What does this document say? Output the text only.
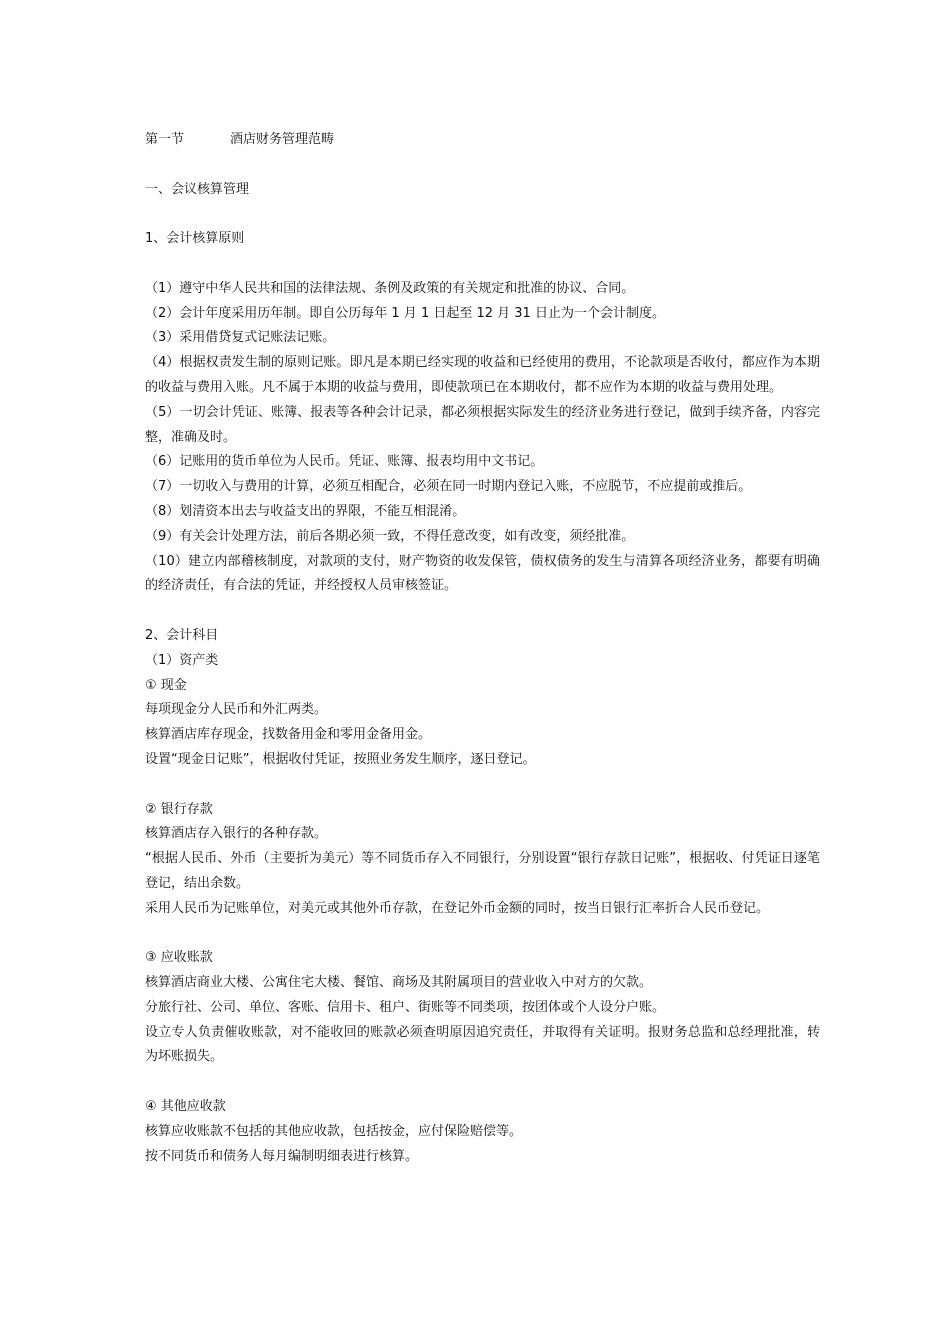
第一节	酒店财务管理范畴
一、会议核算管理
1、会计核算原则
（1）遵守中华人民共和国的法律法规、条例及政策的有关规定和批准的协议、合同。
（2）会计年度采用历年制。即自公历每年 1 月 1 日起至 12 月 31 日止为一个会计制度。
（3）采用借贷复式记账法记账。
（4）根据权责发生制的原则记账。即凡是本期已经实现的收益和已经使用的费用，不论款项是否收付，都应作为本期的收益与费用入账。凡不属于本期的收益与费用，即使款项已在本期收付，都不应作为本期的收益与费用处理。
（5）一切会计凭证、账簿、报表等各种会计记录，都必须根据实际发生的经济业务进行登记，做到手续齐备，内容完整，准确及时。
（6）记账用的货币单位为人民币。凭证、账簿、报表均用中文书记。
（7）一切收入与费用的计算，必须互相配合，必须在同一时期内登记入账，不应脱节，不应提前或推后。
（8）划清资本出去与收益支出的界限，不能互相混淆。
（9）有关会计处理方法，前后各期必须一致，不得任意改变，如有改变，须经批准。
（10）建立内部稽核制度，对款项的支付，财产物资的收发保管，债权债务的发生与清算各项经济业务，都要有明确的经济责任，有合法的凭证，并经授权人员审核签证。
2、会计科目
（1）资产类
① 现金
每项现金分人民币和外汇两类。
核算酒店库存现金，找数备用金和零用金备用金。
设置“现金日记账”，根据收付凭证，按照业务发生顺序，逐日登记。
② 银行存款
核算酒店存入银行的各种存款。
“根据人民币、外币（主要折为美元）等不同货币存入不同银行，分别设置“银行存款日记账”，根据收、付凭证日逐笔登记，结出余数。
采用人民币为记账单位，对美元或其他外币存款，在登记外币金额的同时，按当日银行汇率折合人民币登记。
③ 应收账款
核算酒店商业大楼、公寓住宅大楼、餐馆、商场及其附属项目的营业收入中对方的欠款。
分旅行社、公司、单位、客账、信用卡、租户、街账等不同类项，按团体或个人设分户账。
设立专人负责催收账款，对不能收回的账款必须查明原因追究责任，并取得有关证明。报财务总监和总经理批准，转为坏账损失。
④ 其他应收款
核算应收账款不包括的其他应收款，包括按金，应付保险赔偿等。
按不同货币和债务人每月编制明细表进行核算。
